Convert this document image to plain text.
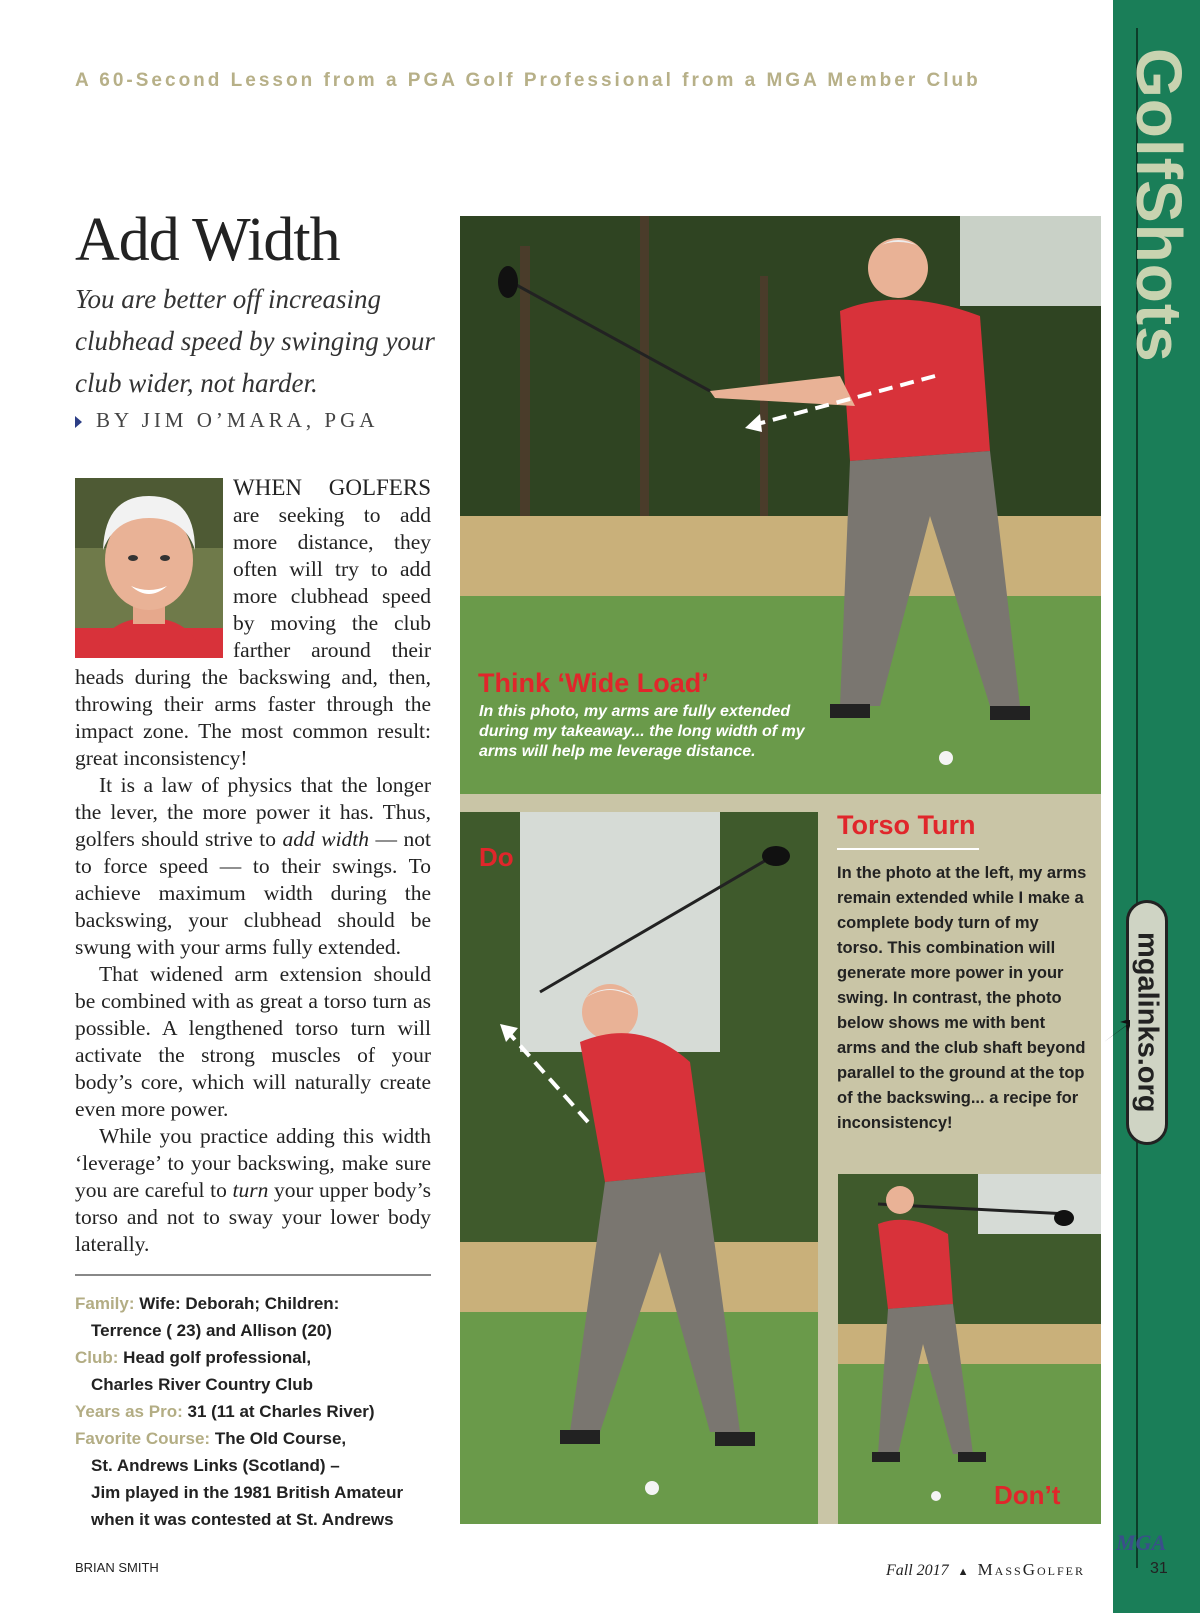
A 60-Second Lesson from a PGA Golf Professional from a MGA Member Club GolfShots
mgalinks.org
MGA
31
Add Width
You are better off increasing clubhead speed by swinging your club wider, not harder.
BY JIM O’MARA, PGA

WHEN GOLFERS are seeking to add more distance, they often will try to add more clubhead speed by moving the club farther around their heads during the backswing and, then, throwing their arms faster through the impact zone. The most common result: great inconsistency!

It is a law of physics that the longer the lever, the more power it has. Thus, golfers should strive to add width — not to force speed — to their swings. To achieve maximum width during the backswing, your clubhead should be swung with your arms fully extended.

That widened arm extension should be combined with as great a torso turn as possible. A lengthened torso turn will activate the strong muscles of your body’s core, which will naturally create even more power.

While you practice adding this width ‘leverage’ to your backswing, make sure you are careful to turn your upper body’s torso and not to sway your lower body laterally.

Family: Wife: Deborah; Children:
Terrence ( 23) and Allison (20)
Club: Head golf professional,
Charles River Country Club
Years as Pro: 31 (11 at Charles River)
Favorite Course: The Old Course,
St. Andrews Links (Scotland) –
Jim played in the 1981 British Amateur
when it was contested at St. Andrews
Think ‘Wide Load’
In this photo, my arms are fully extended during my takeaway... the long width of my arms will help me leverage distance.
Do
Don’t
Torso Turn
In the photo at the left, my arms remain extended while I make a complete body turn of my torso. This combination will generate more power in your swing. In contrast, the photo below shows me with bent arms and the club shaft beyond parallel to the ground at the top of the backswing... a recipe for inconsistency!
BRIAN SMITH	Fall 2017 ▲ MassGolfer
